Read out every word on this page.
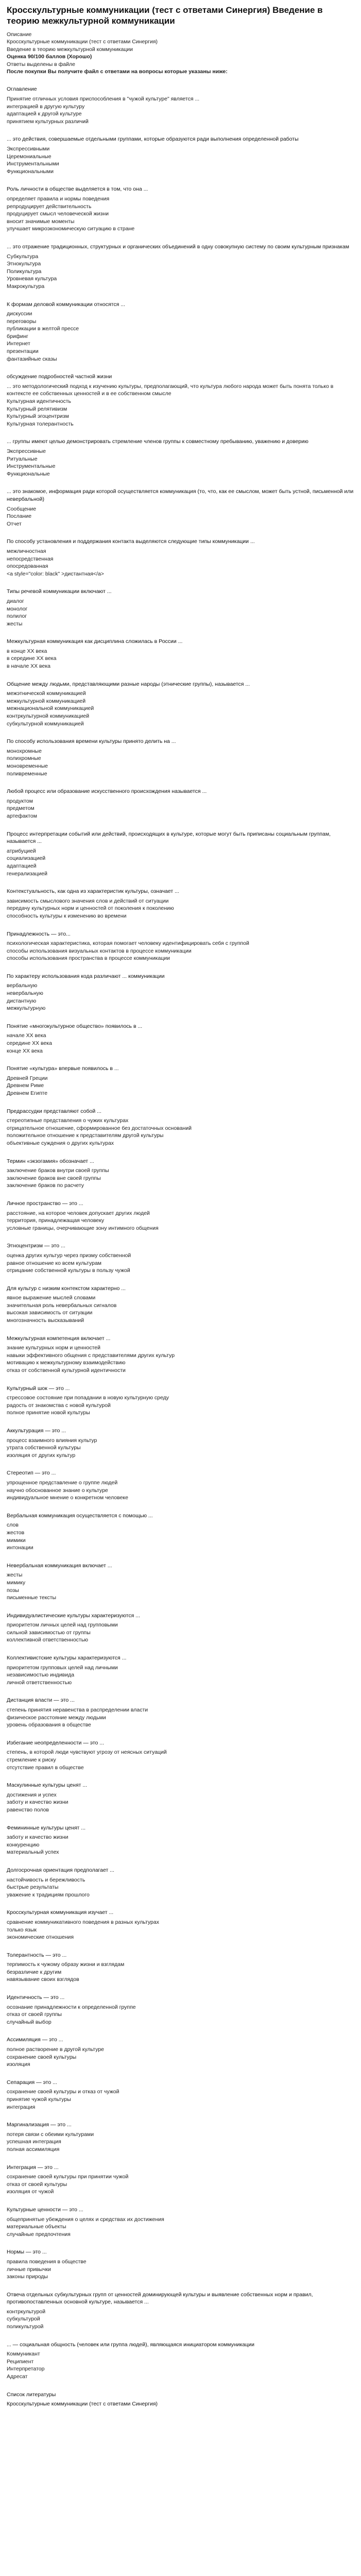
Кросскультурные коммуникации (тест с ответами Синергия) Введение в теорию межкультурной коммуникации

Описание

Кросскультурные коммуникации (тест с ответами Синергия)

Введение в теорию межкультурной коммуникации

Оценка 90/100 баллов (Хорошо)

Ответы выделены в файле

После покупки Вы получите файл с ответами на вопросы которые указаны ниже:

Оглавление

Принятие отличных условия приспособления в "чужой культуре" является ...
интеграцией в другую культуру
адаптацией к другой культуре
принятием культурных различий

... это действия, совершаемые отдельными группами, которые образуются ради выполнения определенной работы

Экспрессивными
Церемониальные
Инструментальными
Функциональными

Роль личности в обществе выделяется в том, что она ...

определяет правила и нормы поведения
репродуцирует действительность
продуцирует смысл человеческой жизни
вносит значимые моменты
улучшает микроэкономическую ситуацию в стране

... это отражение традиционных, структурных и органических объединений в одну совокупную систему по своим культурным признакам

Субкультура
Этнокультура
Поликультура
Уровневая культура
Макрокультура

К формам деловой коммуникации относятся ...

дискуссии
переговоры
публикации в желтой прессе
брифинг
Интернет
презентации
фантазийные сказы

обсуждение подробностей частной жизни

... это методологический подход к изучению культуры, предполагающий, что культура любого народа может быть понята только в контексте ее собственных ценностей и в ее собственном смысле
Культурная идентичность
Культурный релятивизм
Культурный эгоцентризм
Культурная толерантность

... группы имеют целью демонстрировать стремление членов группы к совместному пребыванию, уважению и доверию

Экспрессивные
Ритуальные
Инструментальные
Функциональные

... это знакомое, информация ради которой осуществляется коммуникация (то, что, как ее смыслом, может быть устной, письменной или невербальной)

Сообщение
Послание
Отчет

По способу установления и поддержания контакта выделяются следующие типы коммуникации ...

межличностная
непосредственная
опосредованная
<a style="color: black" >дистантная</a>

Типы речевой коммуникации включают ...

диалог
монолог
полилог
жесты

Межкультурная коммуникация как дисциплина сложилась в России ...

в конце XX века
в середине XX века
в начале XX века

Общение между людьми, представляющими разные народы (этнические группы), называется ...

межэтнической коммуникацией
межкультурной коммуникацией
межнациональной коммуникацией
контркультурной коммуникацией
субкультурной коммуникацией

По способу использования времени культуры принято делить на ...

монохромные
полихромные
моновременные
поливременные

Любой процесс или образование искусственного происхождения называется ...

продуктом
предметом
артефактом

Процесс интерпретации событий или действий, происходящих в культуре, которые могут быть приписаны социальным группам, называется ...

атрибуцией
социализацией
адаптацией
генерализацией

Контекстуальность, как одна из характеристик культуры, означает ...

зависимость смыслового значения слов и действий от ситуации
передачу культурных норм и ценностей от поколения к поколению
способность культуры к изменению во времени

Принадлежность — это...

психологическая характеристика, которая помогает человеку идентифицировать себя с группой
способы использования визуальных контактов в процессе коммуникации
способы использования пространства в процессе коммуникации

По характеру использования кода различают ... коммуникации

вербальную
невербальную
дистантную
межкультурную

Понятие «многокультурное общество» появилось в ...

начале XX века
середине XX века
конце XX века

Понятие «культура» впервые появилось в ...

Древней Греции
Древнем Риме
Древнем Египте

Предрассудки представляют собой ...

стереотипные представления о чужих культурах
отрицательное отношение, сформированное без достаточных оснований
положительное отношение к представителям другой культуры
объективные суждения о других культурах

Термин «экзогамия» обозначает ...

заключение браков внутри своей группы
заключение браков вне своей группы
заключение браков по расчету

Личное пространство — это ...

расстояние, на которое человек допускает других людей
территория, принадлежащая человеку
условные границы, очерчивающие зону интимного общения

Этноцентризм — это ...

оценка других культур через призму собственной
равное отношение ко всем культурам
отрицание собственной культуры в пользу чужой

Для культур с низким контекстом характерно ...

явное выражение мыслей словами
значительная роль невербальных сигналов
высокая зависимость от ситуации
многозначность высказываний

Межкультурная компетенция включает ...

знание культурных норм и ценностей
навыки эффективного общения с представителями других культур
мотивацию к межкультурному взаимодействию
отказ от собственной культурной идентичности

Культурный шок — это ...

стрессовое состояние при попадании в новую культурную среду
радость от знакомства с новой культурой
полное принятие новой культуры

Аккультурация — это ...

процесс взаимного влияния культур
утрата собственной культуры
изоляция от других культур

Стереотип — это ...

упрощенное представление о группе людей
научно обоснованное знание о культуре
индивидуальное мнение о конкретном человеке

Вербальная коммуникация осуществляется с помощью ...

слов
жестов
мимики
интонации

Невербальная коммуникация включает ...

жесты
мимику
позы
письменные тексты

Индивидуалистические культуры характеризуются ...

приоритетом личных целей над групповыми
сильной зависимостью от группы
коллективной ответственностью

Коллективистские культуры характеризуются ...

приоритетом групповых целей над личными
независимостью индивида
личной ответственностью

Дистанция власти — это ...

степень принятия неравенства в распределении власти
физическое расстояние между людьми
уровень образования в обществе

Избегание неопределенности — это ...

степень, в которой люди чувствуют угрозу от неясных ситуаций
стремление к риску
отсутствие правил в обществе

Маскулинные культуры ценят ...

достижения и успех
заботу и качество жизни
равенство полов

Фемининные культуры ценят ...

заботу и качество жизни
конкуренцию
материальный успех

Долгосрочная ориентация предполагает ...

настойчивость и бережливость
быстрые результаты
уважение к традициям прошлого

Кросскультурная коммуникация изучает ...

сравнение коммуникативного поведения в разных культурах
только язык
экономические отношения

Толерантность — это ...

терпимость к чужому образу жизни и взглядам
безразличие к другим
навязывание своих взглядов

Идентичность — это ...

осознание принадлежности к определенной группе
отказ от своей группы
случайный выбор

Ассимиляция — это ...

полное растворение в другой культуре
сохранение своей культуры
изоляция

Сепарация — это ...

сохранение своей культуры и отказ от чужой
принятие чужой культуры
интеграция

Маргинализация — это ...

потеря связи с обеими культурами
успешная интеграция
полная ассимиляция

Интеграция — это ...

сохранение своей культуры при принятии чужой
отказ от своей культуры
изоляция от чужой

Культурные ценности — это ...

общепринятые убеждения о целях и средствах их достижения
материальные объекты
случайные предпочтения

Нормы — это ...

правила поведения в обществе
личные привычки
законы природы

Отвеча отдельных субкультурных групп от ценностей доминирующей культуры и выявление собственных норм и правил, противопоставленных основной культуре, называется ...

контркультурой
субкультурой
поликультурой

... — социальная общность (человек или группа людей), являющаяся инициатором коммуникации

Коммуникант
Реципиент
Интерпретатор
Адресат

Список литературы

Кросскультурные коммуникации (тест с ответами Синергия)
